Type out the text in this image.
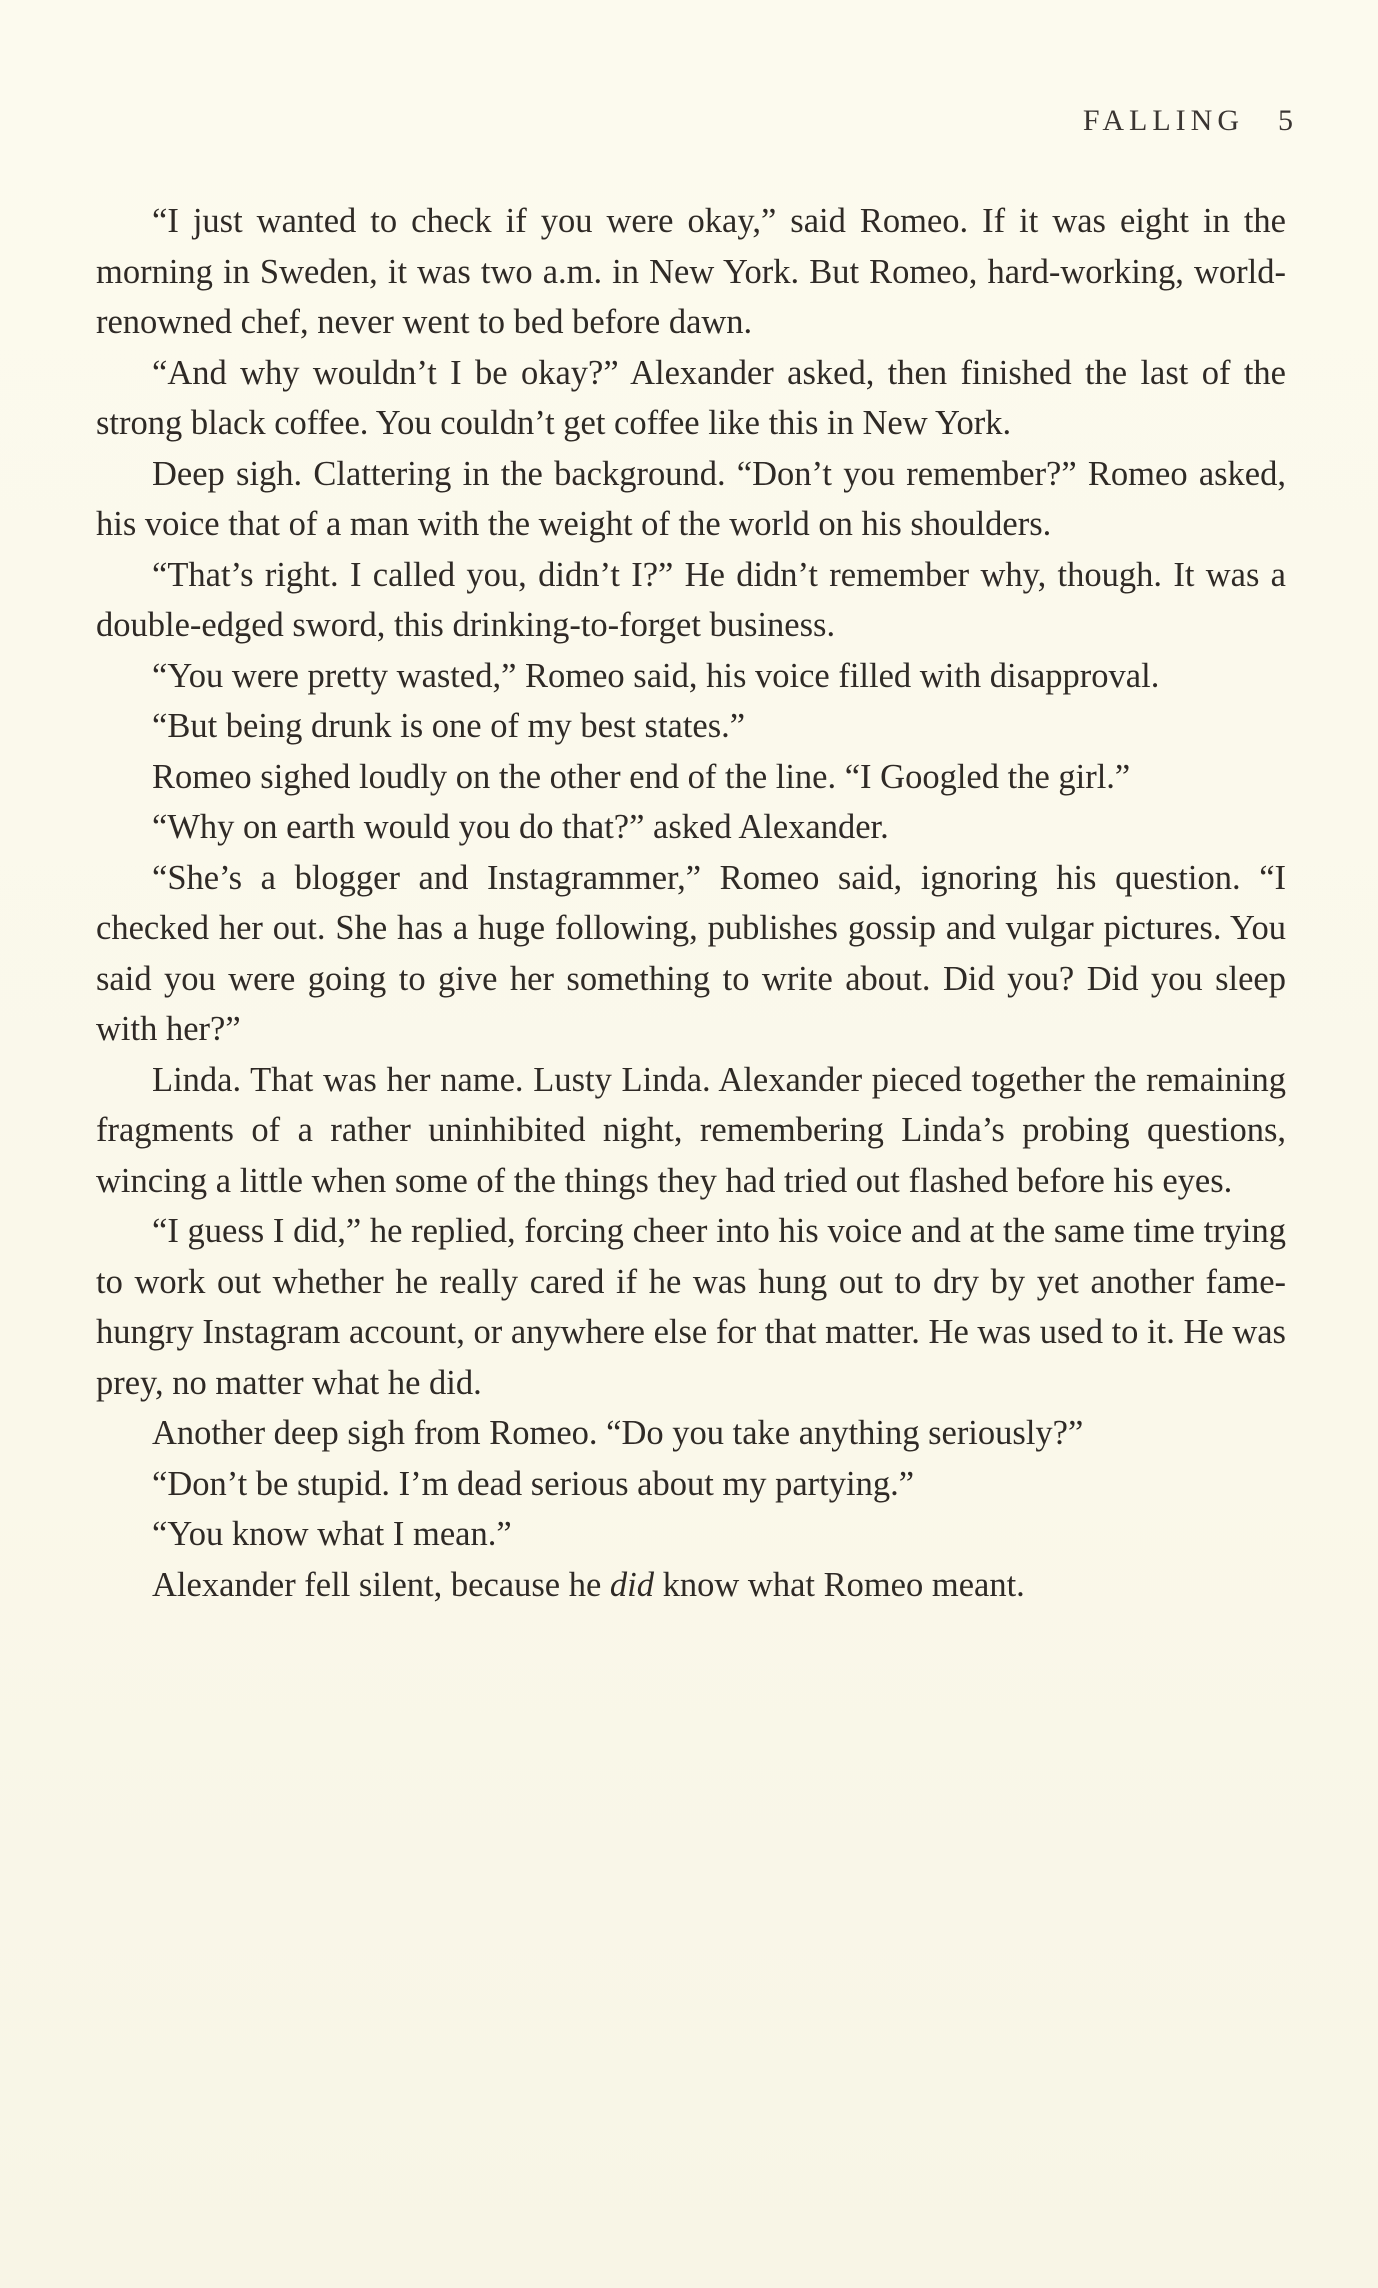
FALLING 5

“I just wanted to check if you were okay,” said Romeo. If it was eight in the morning in Sweden, it was two a.m. in New York. But Romeo, hard-working, world-renowned chef, never went to bed before dawn.

“And why wouldn’t I be okay?” Alexander asked, then finished the last of the strong black coffee. You couldn’t get coffee like this in New York.

Deep sigh. Clattering in the background. “Don’t you remember?” Romeo asked, his voice that of a man with the weight of the world on his shoulders.

“That’s right. I called you, didn’t I?” He didn’t remember why, though. It was a double-edged sword, this drinking-to-forget business.

“You were pretty wasted,” Romeo said, his voice filled with disapproval.

“But being drunk is one of my best states.”

Romeo sighed loudly on the other end of the line. “I Googled the girl.”

“Why on earth would you do that?” asked Alexander.

“She’s a blogger and Instagrammer,” Romeo said, ignoring his question. “I checked her out. She has a huge following, publishes gossip and vulgar pictures. You said you were going to give her something to write about. Did you? Did you sleep with her?”

Linda. That was her name. Lusty Linda. Alexander pieced together the remaining fragments of a rather uninhibited night, remembering Linda’s probing questions, wincing a little when some of the things they had tried out flashed before his eyes.

“I guess I did,” he replied, forcing cheer into his voice and at the same time trying to work out whether he really cared if he was hung out to dry by yet another fame-hungry Instagram account, or anywhere else for that matter. He was used to it. He was prey, no matter what he did.

Another deep sigh from Romeo. “Do you take anything seriously?”

“Don’t be stupid. I’m dead serious about my partying.”

“You know what I mean.”

Alexander fell silent, because he did know what Romeo meant.
